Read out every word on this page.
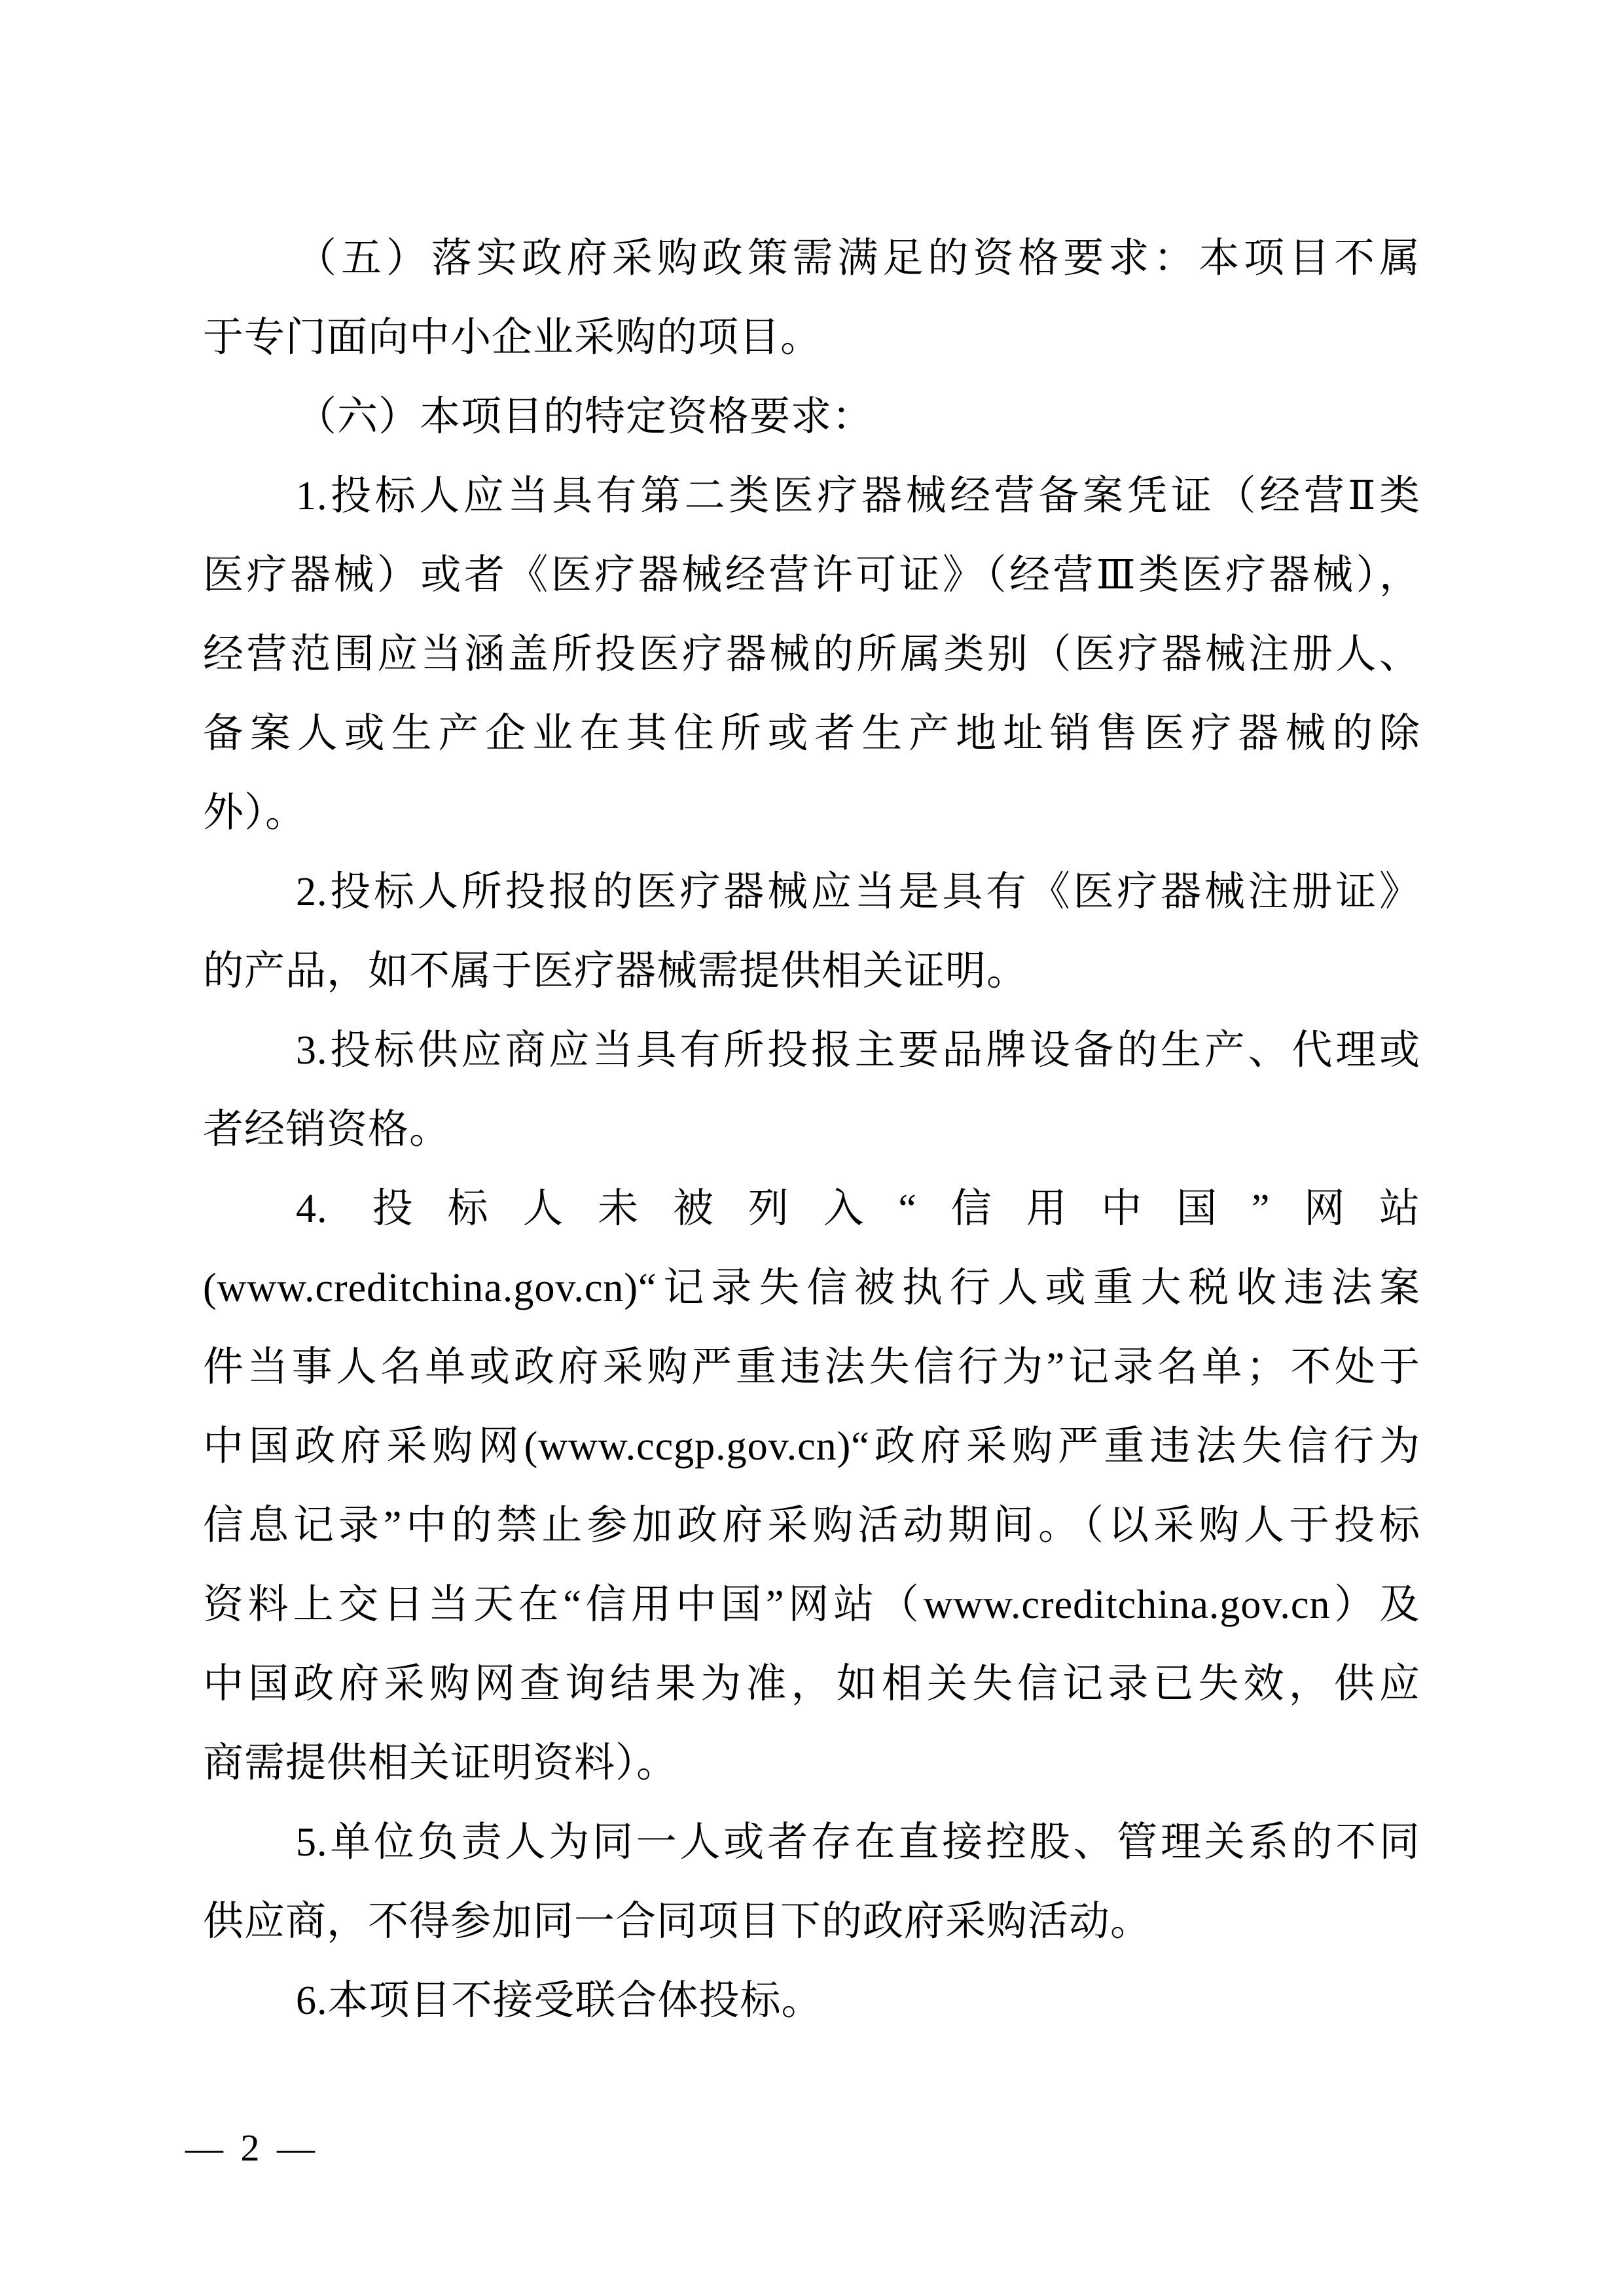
（五）落实政府采购政策需满足的资格要求：本项目不属
于专门面向中小企业采购的项目。
（六）本项目的特定资格要求：
1.投标人应当具有第二类医疗器械经营备案凭证（经营Ⅱ类
医疗器械）或者《医疗器械经营许可证》（经营Ⅲ类医疗器械），
经营范围应当涵盖所投医疗器械的所属类别（医疗器械注册人、
备案人或生产企业在其住所或者生产地址销售医疗器械的除
外）。
2.投标人所投报的医疗器械应当是具有《医疗器械注册证》
的产品，如不属于医疗器械需提供相关证明。
3.投标供应商应当具有所投报主要品牌设备的生产、代理或
者经销资格。
4. 投标人未被列入“信用中国”网站
(www.creditchina.gov.cn)“记录失信被执行人或重大税收违法案
件当事人名单或政府采购严重违法失信行为”记录名单；不处于
中国政府采购网(www.ccgp.gov.cn)“政府采购严重违法失信行为
信息记录”中的禁止参加政府采购活动期间。（以采购人于投标
资料上交日当天在“信用中国”网站（www.creditchina.gov.cn）及
中国政府采购网查询结果为准，如相关失信记录已失效，供应
商需提供相关证明资料）。
5.单位负责人为同一人或者存在直接控股、管理关系的不同
供应商，不得参加同一合同项目下的政府采购活动。
6.本项目不接受联合体投标。
— 2 —
